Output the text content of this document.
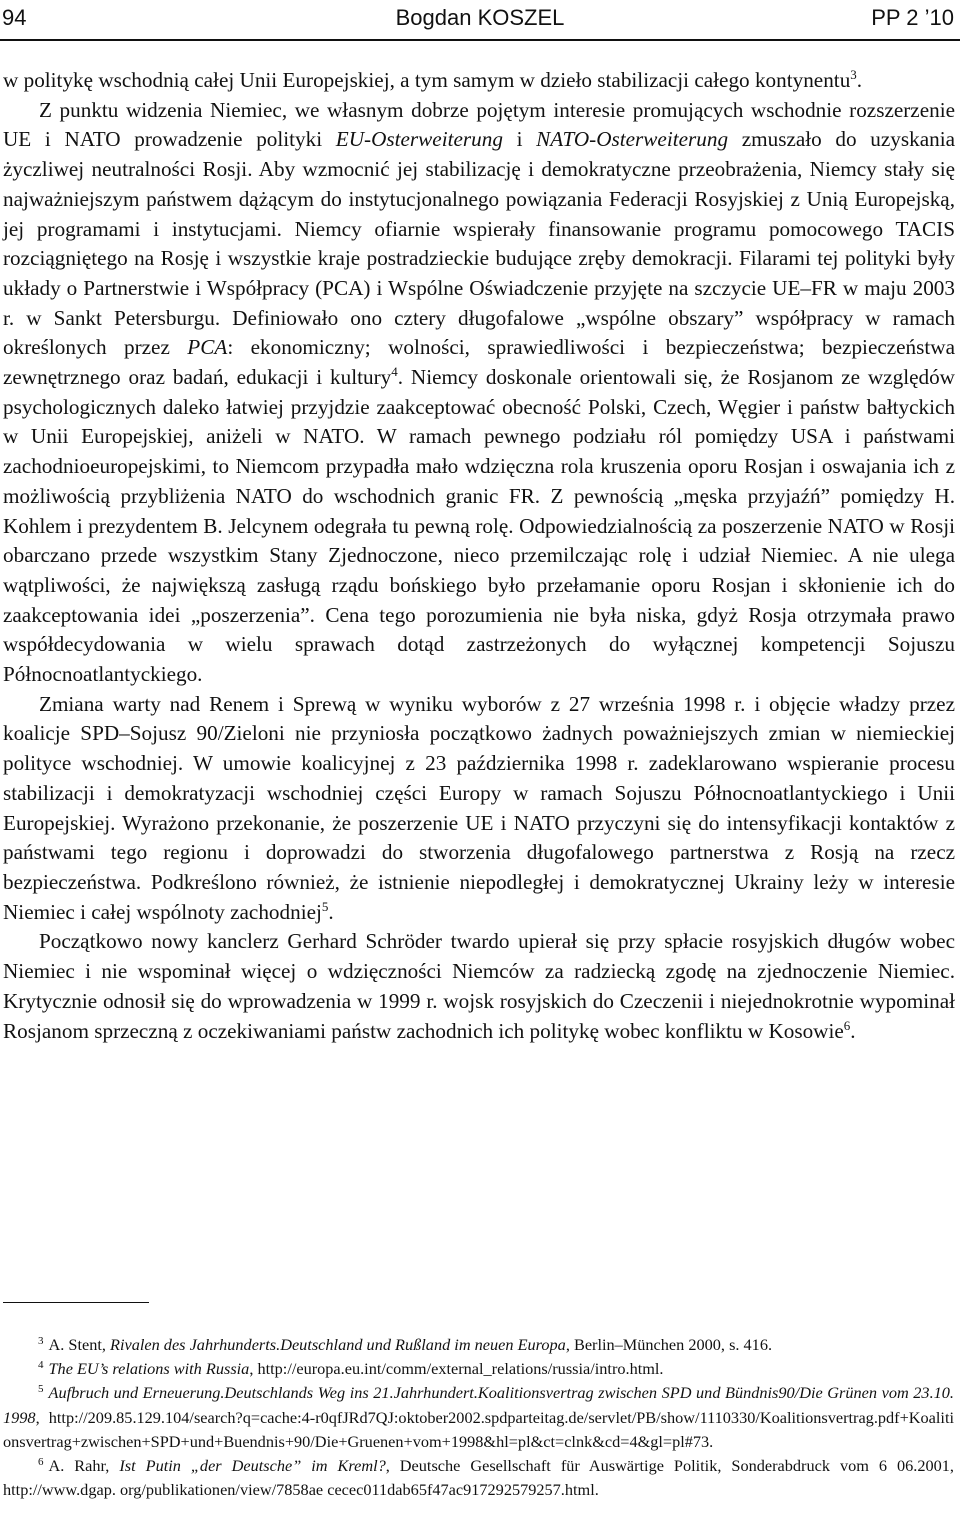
94	Bogdan KOSZEL	PP 2 ’10

w politykę wschodnią całej Unii Europejskiej, a tym samym w dzieło stabilizacji całego kontynentu$^3$.

Z punktu widzenia Niemiec, we własnym dobrze pojętym interesie promujących wschodnie rozszerzenie UE i NATO prowadzenie polityki EU-Osterweiterung i NATO-Osterweiterung zmuszało do uzyskania życzliwej neutralności Rosji. Aby wzmocnić jej stabilizację i demokratyczne przeobrażenia, Niemcy stały się najważniejszym państwem dążącym do instytucjonalnego powiązania Federacji Rosyjskiej z Unią Europejską, jej programami i instytucjami. Niemcy ofiarnie wspierały finansowanie programu pomocowego TACIS rozciągniętego na Rosję i wszystkie kraje postradzieckie budujące zręby demokracji. Filarami tej polityki były układy o Partnerstwie i Współpracy (PCA) i Wspólne Oświadczenie przyjęte na szczycie UE–FR w maju 2003 r. w Sankt Petersburgu. Definiowało ono cztery długofalowe „wspólne obszary” współpracy w ramach określonych przez PCA: ekonomiczny; wolności, sprawiedliwości i bezpieczeństwa; bezpieczeństwa zewnętrznego oraz badań, edukacji i kultury$^4$. Niemcy doskonale orientowali się, że Rosjanom ze względów psychologicznych daleko łatwiej przyjdzie zaakceptować obecność Polski, Czech, Węgier i państw bałtyckich w Unii Europejskiej, aniżeli w NATO. W ramach pewnego podziału ról pomiędzy USA i państwami zachodnioeuropejskimi, to Niemcom przypadła mało wdzięczna rola kruszenia oporu Rosjan i oswajania ich z możliwością przybliżenia NATO do wschodnich granic FR. Z pewnością „męska przyjaźń” pomiędzy H. Kohlem i prezydentem B. Jelcynem odegrała tu pewną rolę. Odpowiedzialnością za poszerzenie NATO w Rosji obarczano przede wszystkim Stany Zjednoczone, nieco przemilczając rolę i udział Niemiec. A nie ulega wątpliwości, że największą zasługą rządu bońskiego było przełamanie oporu Rosjan i skłonienie ich do zaakceptowania idei „poszerzenia”. Cena tego porozumienia nie była niska, gdyż Rosja otrzymała prawo współdecydowania w wielu sprawach dotąd zastrzeżonych do wyłącznej kompetencji Sojuszu Północnoatlantyckiego.

Zmiana warty nad Renem i Sprewą w wyniku wyborów z 27 września 1998 r. i objęcie władzy przez koalicje SPD–Sojusz 90/Zieloni nie przyniosła początkowo żadnych poważniejszych zmian w niemieckiej polityce wschodniej. W umowie koalicyjnej z 23 października 1998 r. zadeklarowano wspieranie procesu stabilizacji i demokratyzacji wschodniej części Europy w ramach Sojuszu Północnoatlantyckiego i Unii Europejskiej. Wyrażono przekonanie, że poszerzenie UE i NATO przyczyni się do intensyfikacji kontaktów z państwami tego regionu i doprowadzi do stworzenia długofalowego partnerstwa z Rosją na rzecz bezpieczeństwa. Podkreślono również, że istnienie niepodległej i demokratycznej Ukrainy leży w interesie Niemiec i całej wspólnoty zachodniej$^5$.

Początkowo nowy kanclerz Gerhard Schröder twardo upierał się przy spłacie rosyjskich długów wobec Niemiec i nie wspominał więcej o wdzięczności Niemców za radziecką zgodę na zjednoczenie Niemiec. Krytycznie odnosił się do wprowadzenia w 1999 r. wojsk rosyjskich do Czeczenii i niejednokrotnie wypominał Rosjanom sprzeczną z oczekiwaniami państw zachodnich ich politykę wobec konfliktu w Kosowie$^6$.

$^3$ A. Stent, Rivalen des Jahrhunderts.Deutschland und Rußland im neuen Europa, Berlin–München 2000, s. 416.

$^4$ The EU’s relations with Russia, http://europa.eu.int/comm/external_relations/russia/intro.html.

$^5$ Aufbruch und Erneuerung.Deutschlands Weg ins 21.Jahrhundert.Koalitionsvertrag zwischen SPD und Bündnis90/Die Grünen vom 23.10.1998, http://209.85.129.104/search?q=cache:4-r0qfJRd7QJ:oktober2002.spdparteitag.de/servlet/PB/show/1110330/Koalitionsvertrag.pdf+Koalitionsvertrag+zwischen+SPD+und+Buendnis+90/Die+Gruenen+vom+1998&hl=pl&ct=clnk&cd=4&gl=pl#73.

$^6$ A. Rahr, Ist Putin „der Deutsche” im Kreml?, Deutsche Gesellschaft für Auswärtige Politik, Sonderabdruck vom 6 06.2001, http://www.dgap. org/publikationen/view/7858ae cecec011dab65f47ac917292579257.html.
